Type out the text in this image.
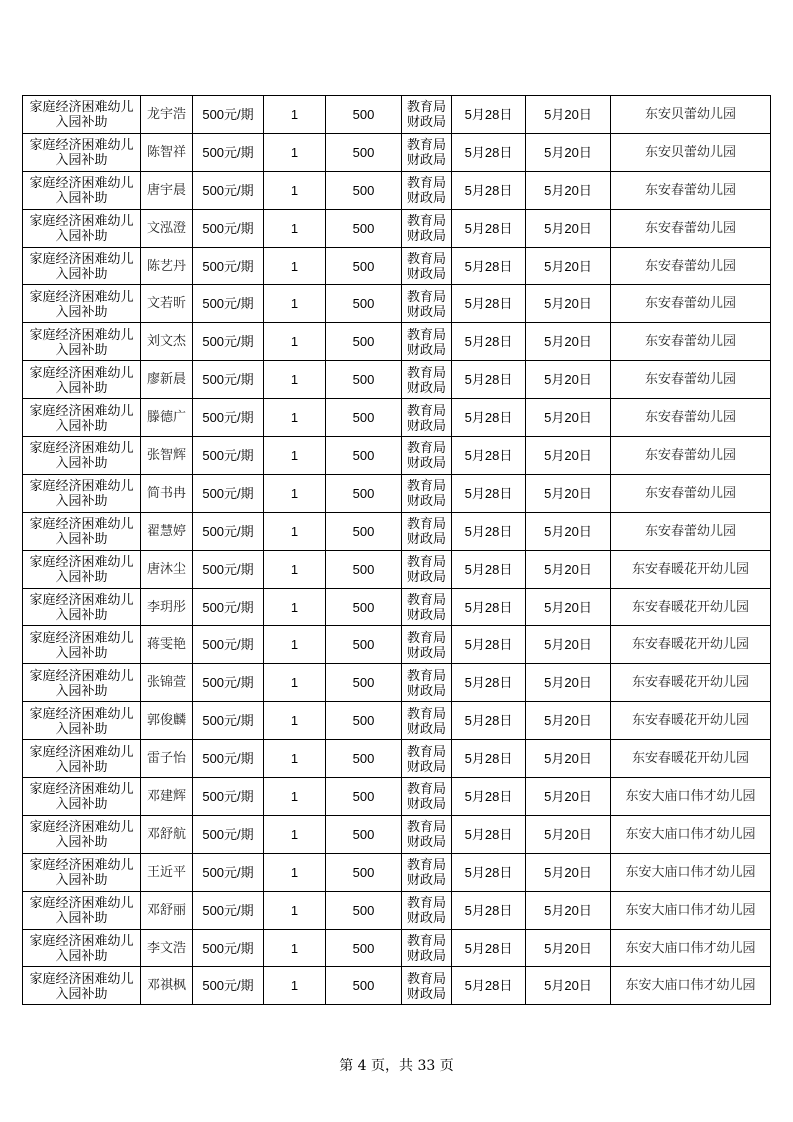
家庭经济困难幼儿入园补助	龙宇浩	500元/期	1	500	教育局财政局	5月28日	5月20日	东安贝蕾幼儿园
家庭经济困难幼儿入园补助	陈智祥	500元/期	1	500	教育局财政局	5月28日	5月20日	东安贝蕾幼儿园
家庭经济困难幼儿入园补助	唐宇晨	500元/期	1	500	教育局财政局	5月28日	5月20日	东安春蕾幼儿园
家庭经济困难幼儿入园补助	文泓澄	500元/期	1	500	教育局财政局	5月28日	5月20日	东安春蕾幼儿园
家庭经济困难幼儿入园补助	陈艺丹	500元/期	1	500	教育局财政局	5月28日	5月20日	东安春蕾幼儿园
家庭经济困难幼儿入园补助	文若昕	500元/期	1	500	教育局财政局	5月28日	5月20日	东安春蕾幼儿园
家庭经济困难幼儿入园补助	刘文杰	500元/期	1	500	教育局财政局	5月28日	5月20日	东安春蕾幼儿园
家庭经济困难幼儿入园补助	廖新晨	500元/期	1	500	教育局财政局	5月28日	5月20日	东安春蕾幼儿园
家庭经济困难幼儿入园补助	滕德广	500元/期	1	500	教育局财政局	5月28日	5月20日	东安春蕾幼儿园
家庭经济困难幼儿入园补助	张智辉	500元/期	1	500	教育局财政局	5月28日	5月20日	东安春蕾幼儿园
家庭经济困难幼儿入园补助	简书冉	500元/期	1	500	教育局财政局	5月28日	5月20日	东安春蕾幼儿园
家庭经济困难幼儿入园补助	翟慧婷	500元/期	1	500	教育局财政局	5月28日	5月20日	东安春蕾幼儿园
家庭经济困难幼儿入园补助	唐沐尘	500元/期	1	500	教育局财政局	5月28日	5月20日	东安春暖花开幼儿园
家庭经济困难幼儿入园补助	李玥彤	500元/期	1	500	教育局财政局	5月28日	5月20日	东安春暖花开幼儿园
家庭经济困难幼儿入园补助	蒋雯艳	500元/期	1	500	教育局财政局	5月28日	5月20日	东安春暖花开幼儿园
家庭经济困难幼儿入园补助	张锦萱	500元/期	1	500	教育局财政局	5月28日	5月20日	东安春暖花开幼儿园
家庭经济困难幼儿入园补助	郭俊麟	500元/期	1	500	教育局财政局	5月28日	5月20日	东安春暖花开幼儿园
家庭经济困难幼儿入园补助	雷子怡	500元/期	1	500	教育局财政局	5月28日	5月20日	东安春暖花开幼儿园
家庭经济困难幼儿入园补助	邓建辉	500元/期	1	500	教育局财政局	5月28日	5月20日	东安大庙口伟才幼儿园
家庭经济困难幼儿入园补助	邓舒航	500元/期	1	500	教育局财政局	5月28日	5月20日	东安大庙口伟才幼儿园
家庭经济困难幼儿入园补助	王近平	500元/期	1	500	教育局财政局	5月28日	5月20日	东安大庙口伟才幼儿园
家庭经济困难幼儿入园补助	邓舒丽	500元/期	1	500	教育局财政局	5月28日	5月20日	东安大庙口伟才幼儿园
家庭经济困难幼儿入园补助	李文浩	500元/期	1	500	教育局财政局	5月28日	5月20日	东安大庙口伟才幼儿园
家庭经济困难幼儿入园补助	邓祺枫	500元/期	1	500	教育局财政局	5月28日	5月20日	东安大庙口伟才幼儿园
第 4 页，共 33 页
